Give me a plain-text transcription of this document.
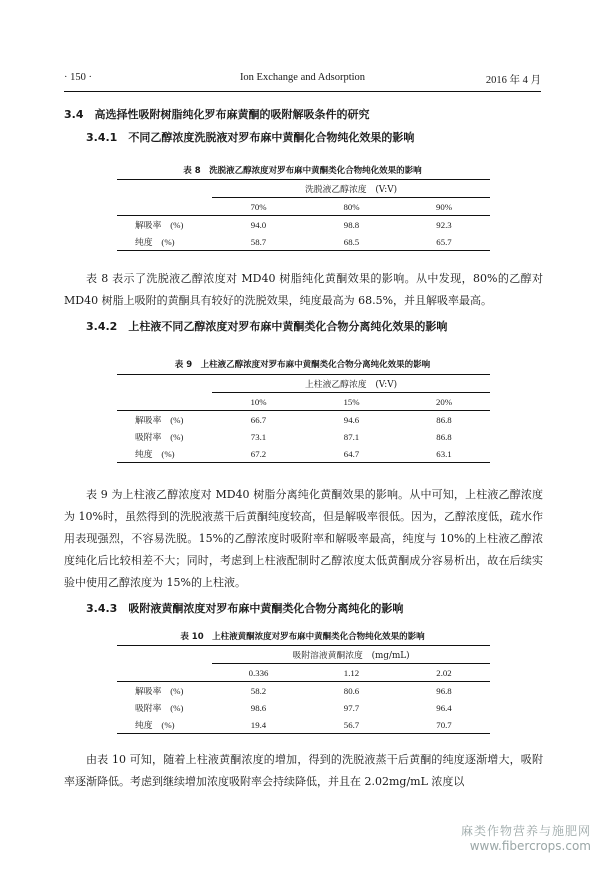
· 150 ·	Ion Exchange and Adsorption	2016 年 4 月
3.4　高选择性吸附树脂纯化罗布麻黄酮的吸附解吸条件的研究
3.4.1　不同乙醇浓度洗脱液对罗布麻中黄酮化合物纯化效果的影响
表 8　洗脱液乙醇浓度对罗布麻中黄酮类化合物纯化效果的影响
	洗脱液乙醇浓度　(V:V)		
	70%	80%	90%
解吸率　(%)	94.0	98.8	92.3
纯度　(%)	58.7	68.5	65.7

表 8 表示了洗脱液乙醇浓度对 MD40 树脂纯化黄酮效果的影响。从中发现，80%的乙醇对 MD40 树脂上吸附的黄酮具有较好的洗脱效果，纯度最高为 68.5%，并且解吸率最高。

3.4.2　上柱液不同乙醇浓度对罗布麻中黄酮类化合物分离纯化效果的影响
表 9　上柱液乙醇浓度对罗布麻中黄酮类化合物分离纯化效果的影响
	上柱液乙醇浓度　(V:V)		
	10%	15%	20%
解吸率　(%)	66.7	94.6	86.8
吸附率　(%)	73.1	87.1	86.8
纯度　(%)	67.2	64.7	63.1

表 9 为上柱液乙醇浓度对 MD40 树脂分离纯化黄酮效果的影响。从中可知，上柱液乙醇浓度为 10%时，虽然得到的洗脱液蒸干后黄酮纯度较高，但是解吸率很低。因为，乙醇浓度低，疏水作用表现强烈，不容易洗脱。15%的乙醇浓度时吸附率和解吸率最高，纯度与 10%的上柱液乙醇浓度纯化后比较相差不大；同时，考虑到上柱液配制时乙醇浓度太低黄酮成分容易析出，故在后续实验中使用乙醇浓度为 15%的上柱液。

3.4.3　吸附液黄酮浓度对罗布麻中黄酮类化合物分离纯化的影响
表 10　上柱液黄酮浓度对罗布麻中黄酮类化合物纯化效果的影响
	吸附溶液黄酮浓度　(mg/mL)		
	0.336	1.12	2.02
解吸率　(%)	58.2	80.6	96.8
吸附率　(%)	98.6	97.7	96.4
纯度　(%)	19.4	56.7	70.7

由表 10 可知，随着上柱液黄酮浓度的增加，得到的洗脱液蒸干后黄酮的纯度逐渐增大，吸附率逐渐降低。考虑到继续增加浓度吸附率会持续降低，并且在 2.02mg/mL 浓度以

麻类作物营养与施肥网
www.fibercrops.com
